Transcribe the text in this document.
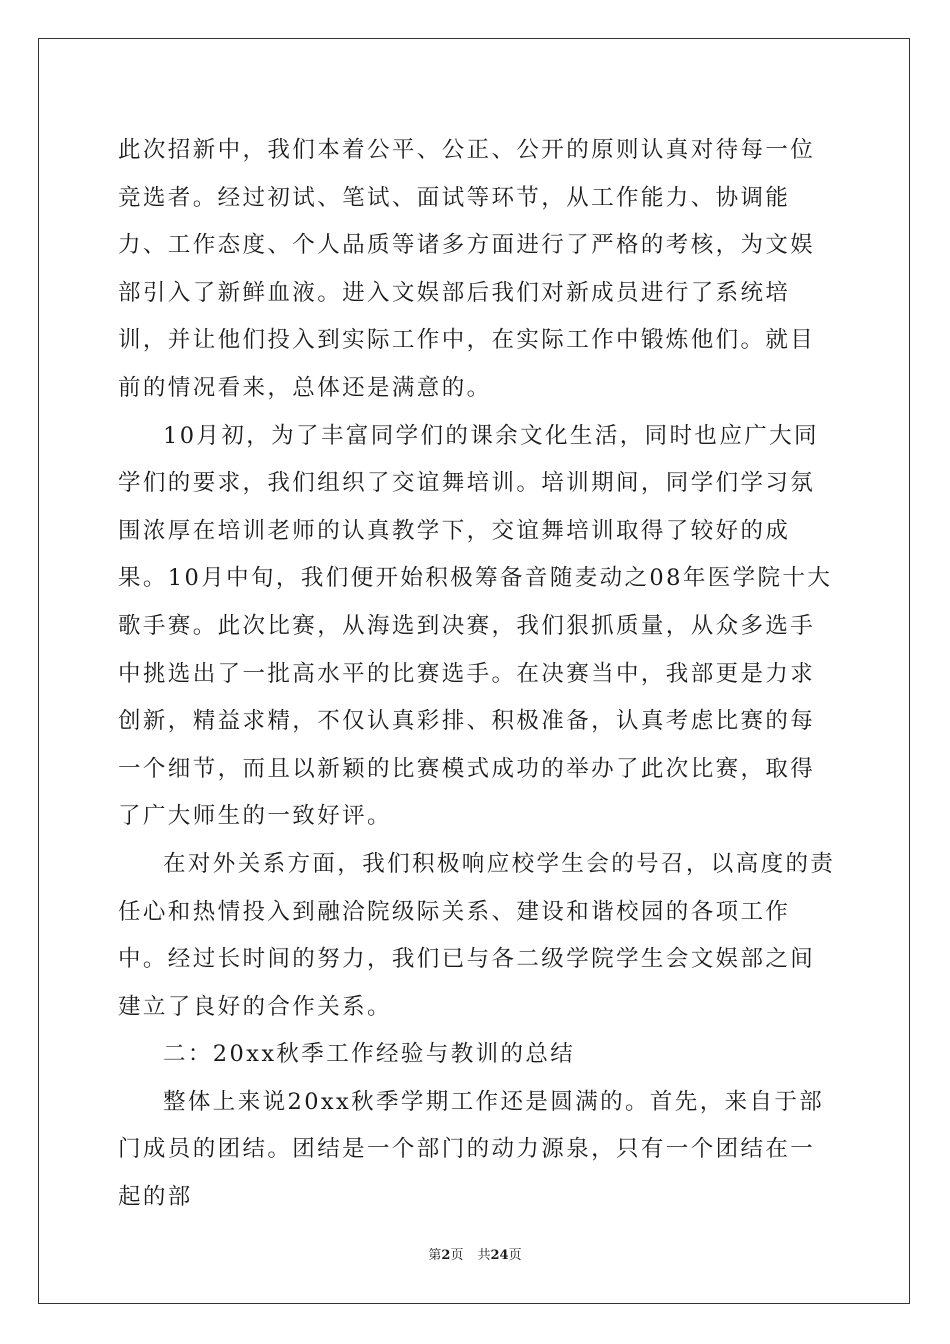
此次招新中，我们本着公平、公正、公开的原则认真对待每一位竞选者。经过初试、笔试、面试等环节，从工作能力、协调能力、工作态度、个人品质等诸多方面进行了严格的考核，为文娱部引入了新鲜血液。进入文娱部后我们对新成员进行了系统培训，并让他们投入到实际工作中，在实际工作中锻炼他们。就目前的情况看来，总体还是满意的。

10月初，为了丰富同学们的课余文化生活，同时也应广大同学们的要求，我们组织了交谊舞培训。培训期间，同学们学习氛围浓厚在培训老师的认真教学下，交谊舞培训取得了较好的成果。10月中旬，我们便开始积极筹备音随麦动之08年医学院十大歌手赛。此次比赛，从海选到决赛，我们狠抓质量，从众多选手中挑选出了一批高水平的比赛选手。在决赛当中，我部更是力求创新，精益求精，不仅认真彩排、积极准备，认真考虑比赛的每一个细节，而且以新颖的比赛模式成功的举办了此次比赛，取得了广大师生的一致好评。

在对外关系方面，我们积极响应校学生会的号召，以高度的责任心和热情投入到融洽院级际关系、建设和谐校园的各项工作中。经过长时间的努力，我们已与各二级学院学生会文娱部之间建立了良好的合作关系。

二：20xx秋季工作经验与教训的总结

整体上来说20xx秋季学期工作还是圆满的。首先，来自于部门成员的团结。团结是一个部门的动力源泉，只有一个团结在一起的部

第2页 共24页
